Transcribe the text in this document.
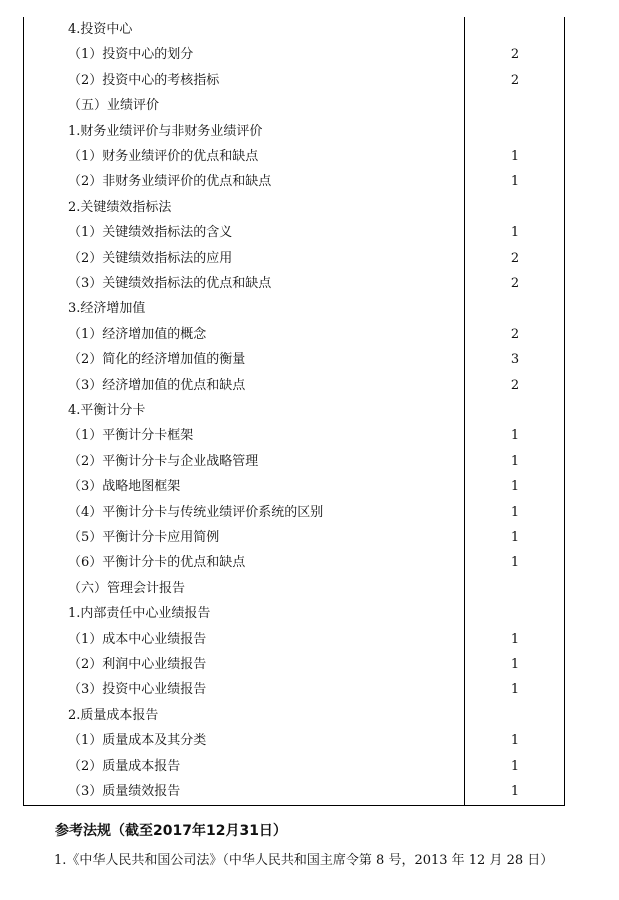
4.投资中心
（1）投资中心的划分	2
（2）投资中心的考核指标	2
（五）业绩评价
1.财务业绩评价与非财务业绩评价
（1）财务业绩评价的优点和缺点	1
（2）非财务业绩评价的优点和缺点	1
2.关键绩效指标法
（1）关键绩效指标法的含义	1
（2）关键绩效指标法的应用	2
（3）关键绩效指标法的优点和缺点	2
3.经济增加值
（1）经济增加值的概念	2
（2）简化的经济增加值的衡量	3
（3）经济增加值的优点和缺点	2
4.平衡计分卡
（1）平衡计分卡框架	1
（2）平衡计分卡与企业战略管理	1
（3）战略地图框架	1
（4）平衡计分卡与传统业绩评价系统的区别	1
（5）平衡计分卡应用简例	1
（6）平衡计分卡的优点和缺点	1
（六）管理会计报告
1.内部责任中心业绩报告
（1）成本中心业绩报告	1
（2）利润中心业绩报告	1
（3）投资中心业绩报告	1
2.质量成本报告
（1）质量成本及其分类	1
（2）质量成本报告	1
（3）质量绩效报告	1
参考法规（截至2017年12月31日）
1.《中华人民共和国公司法》（中华人民共和国主席令第 8 号，2013 年 12 月 28 日）
